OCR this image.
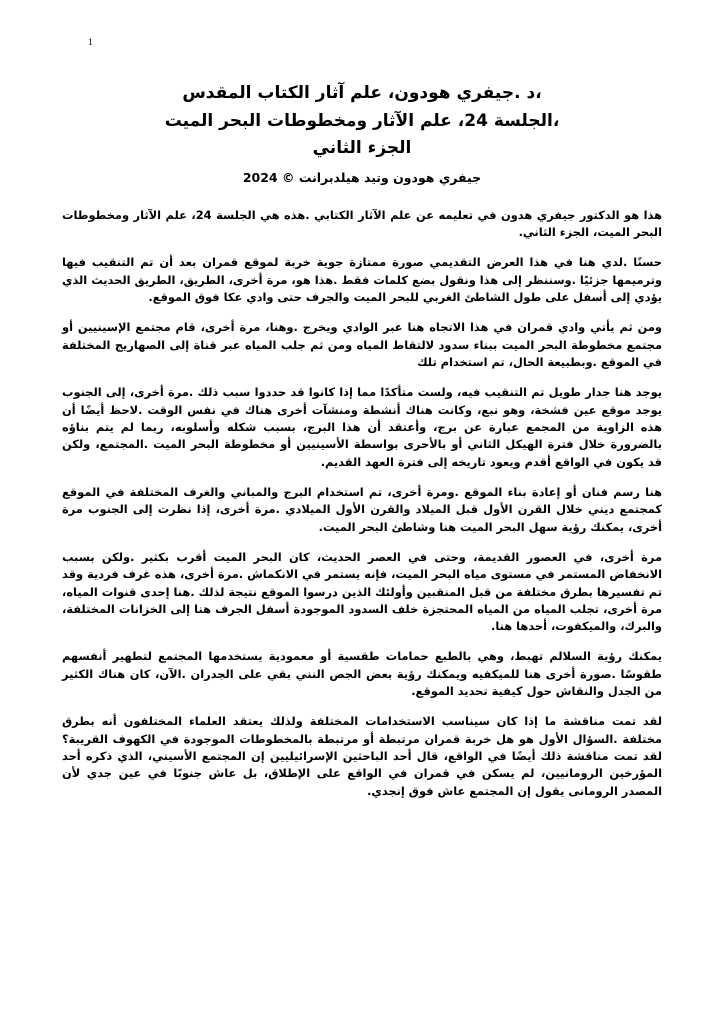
1
،د .جيفري هودون، علم آثار الكتاب المقدس
،الجلسة 24، علم الآثار ومخطوطات البحر الميت
الجزء الثاني
جيفري هودون وتيد هيلدبرانت © 2024

هذا هو الدكتور جيفري هدون في تعليمه عن علم الآثار الكتابي .هذه هي الجلسة 24، علم الآثار ومخطوطات البحر الميت، الجزء الثاني.

حسنًا .لدي هنا في هذا العرض التقديمي صورة ممتازة جوية خربة لموقع قمران بعد أن تم التنقيب فيها وترميمها جزئيًا .وسننظر إلى هذا ونقول بضع كلمات فقط .هذا هو، مرة أخرى، الطريق، الطريق الحديث الذي يؤدي إلى أسفل على طول الشاطئ الغربي للبحر الميت والجرف حتى وادي عكا فوق الموقع.

ومن ثم يأتي وادي قمران في هذا الاتجاه هنا عبر الوادي ويخرج .وهنا، مرة أخرى، قام مجتمع الإسينيين أو مجتمع مخطوطة البحر الميت ببناء سدود لالتقاط المياه ومن ثم جلب المياه عبر قناة إلى الصهاريج المختلفة في الموقع .وبطبيعة الحال، تم استخدام تلك

يوجد هنا جدار طويل تم التنقيب فيه، ولست متأكدًا مما إذا كانوا قد حددوا سبب ذلك .مرة أخرى، إلى الجنوب يوجد موقع عين فشخة، وهو نبع، وكانت هناك أنشطة ومنشآت أخرى هناك في نفس الوقت .لاحظ أيضًا أن هذه الزاوية من المجمع عبارة عن برج، وأعتقد أن هذا البرج، بسبب شكله وأسلوبه، ربما لم يتم بناؤه بالضرورة خلال فترة الهيكل الثاني أو بالأحرى بواسطة الأسينيين أو مخطوطة البحر الميت .المجتمع، ولكن قد يكون في الواقع أقدم ويعود تاريخه إلى فترة العهد القديم.

هنا رسم فنان أو إعادة بناء الموقع .ومرة أخرى، تم استخدام البرج والمباني والغرف المختلفة في الموقع كمجتمع ديني خلال القرن الأول قبل الميلاد والقرن الأول الميلادي .مرة أخرى، إذا نظرت إلى الجنوب مرة أخرى، يمكنك رؤية سهل البحر الميت هنا وشاطئ البحر الميت.

مرة أخرى، في العصور القديمة، وحتى في العصر الحديث، كان البحر الميت أقرب بكثير .ولكن بسبب الانخفاض المستمر في مستوى مياه البحر الميت، فإنه يستمر في الانكماش .مرة أخرى، هذه غرف فردية وقد تم تفسيرها بطرق مختلفة من قبل المنقبين وأولئك الذين درسوا الموقع نتيجة لذلك .هنا إحدى قنوات المياه، مرة أخرى، تجلب المياه من المياه المحتجزة خلف السدود الموجودة أسفل الجرف هنا إلى الخزانات المختلفة، والبرك، والميكفوت، أحدها هنا.

يمكنك رؤية السلالم تهبط، وهي بالطبع حمامات طقسية أو معمودية يستخدمها المجتمع لتطهير أنفسهم طقوسًا .صورة أخرى هنا للميكفيه ويمكنك رؤية بعض الجص النني بقي على الجدران .الآن، كان هناك الكثير من الجدل والنقاش حول كيفية تحديد الموقع.

لقد تمت مناقشة ما إذا كان سيناسب الاستخدامات المختلفة ولذلك يعتقد العلماء المختلفون أنه بطرق مختلفة .السؤال الأول هو هل خربة قمران مرتبطة أو مرتبطة بالمخطوطات الموجودة في الكهوف القريبة؟ لقد تمت مناقشة ذلك أيضًا في الواقع، قال أحد الباحثين الإسرائيليين إن المجتمع الأسيني، الذي ذكره أحد المؤرخين الرومانيين، لم يسكن في قمران في الواقع على الإطلاق، بل عاش جنوبًا في عين جدي لأن المصدر الرومانى يقول إن المجتمع عاش فوق إنجدي.
